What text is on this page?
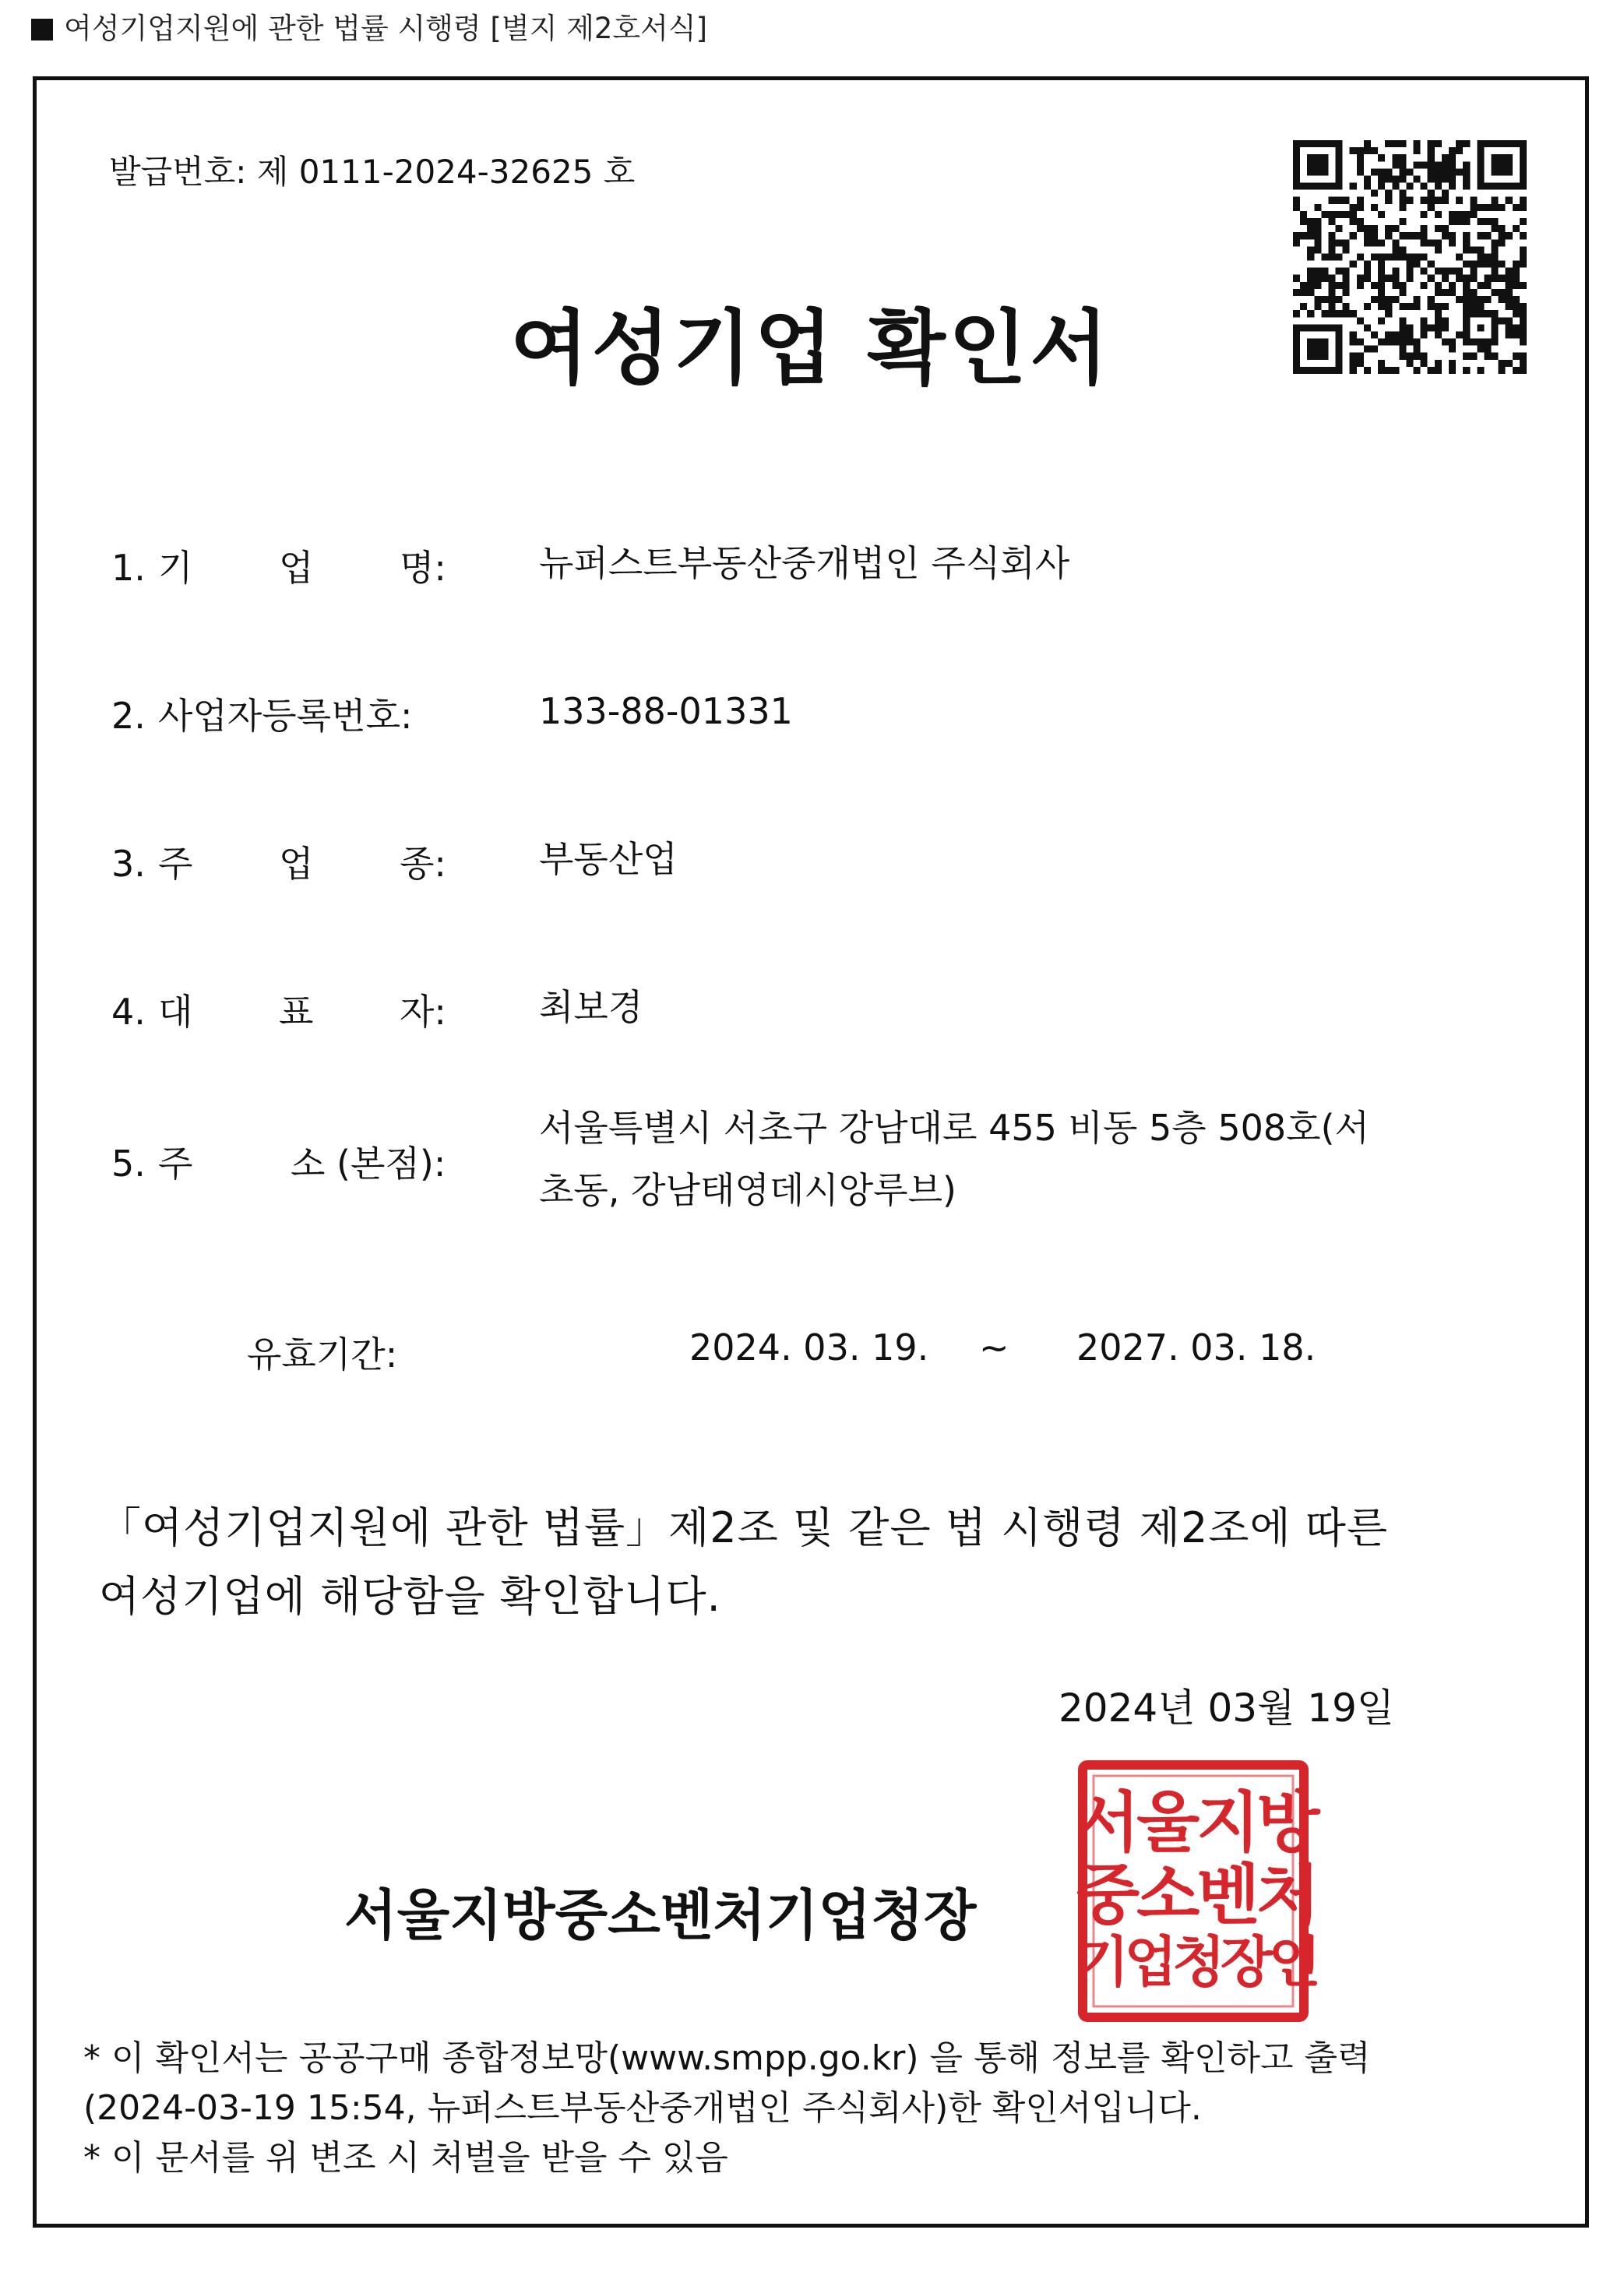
여성기업지원에 관한 법률 시행령 [별지 제2호서식]
발급번호: 제 0111-2024-32625 호
여성기업 확인서
1. 기 업 명:	뉴퍼스트부동산중개법인 주식회사
2. 사업자등록번호:	133-88-01331
3. 주 업 종:	부동산업
4. 대 표 자:	최보경
5. 주	소 (본점):
서울특별시 서초구 강남대로 455 비동 5층 508호(서
초동, 강남태영데시앙루브)
유효기간:	2024. 03. 19. ~ 2027. 03. 18.
「여성기업지원에 관한 법률」제2조 및 같은 법 시행령 제2조에 따른
여성기업에 해당함을 확인합니다.
2024년 03월 19일
서울지방중소벤처기업청장
서울지방
중소벤처
기업청장인
* 이 확인서는 공공구매 종합정보망(www.smpp.go.kr) 을 통해 정보를 확인하고 출력
(2024-03-19 15:54, 뉴퍼스트부동산중개법인 주식회사)한 확인서입니다.
* 이 문서를 위 변조 시 처벌을 받을 수 있음
